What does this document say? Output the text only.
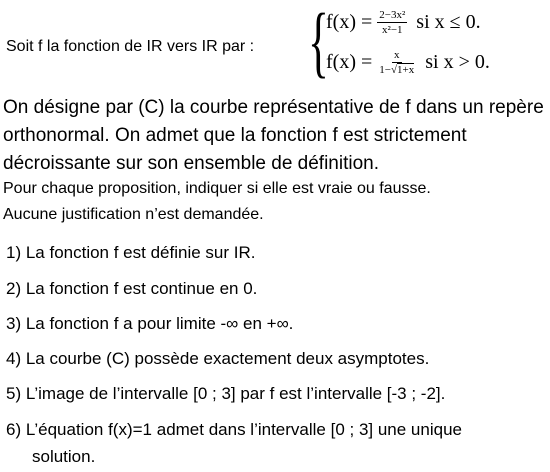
Soit f la fonction de IR vers IR par : {
$f(x) = \frac{\text{2−3x²}}{\text{x²−1}}$ si x ≤ 0.
$f(x) = \frac{x}{1-√1+x}$ si x > 0.
On désigne par (C) la courbe représentative de f dans un repère
orthonormal. On admet que la fonction f est strictement
décroissante sur son ensemble de définition.
Pour chaque proposition, indiquer si elle est vraie ou fausse.
Aucune justification n’est demandée.
1) La fonction f est définie sur IR.
2) La fonction f est continue en 0.
3) La fonction f a pour limite -∞ en +∞.
4) La courbe (C) possède exactement deux asymptotes.
5) L’image de l’intervalle [0 ; 3] par f est l’intervalle [-3 ; -2].
6) L’équation f(x)=1 admet dans l’intervalle [0 ; 3] une unique
solution.
